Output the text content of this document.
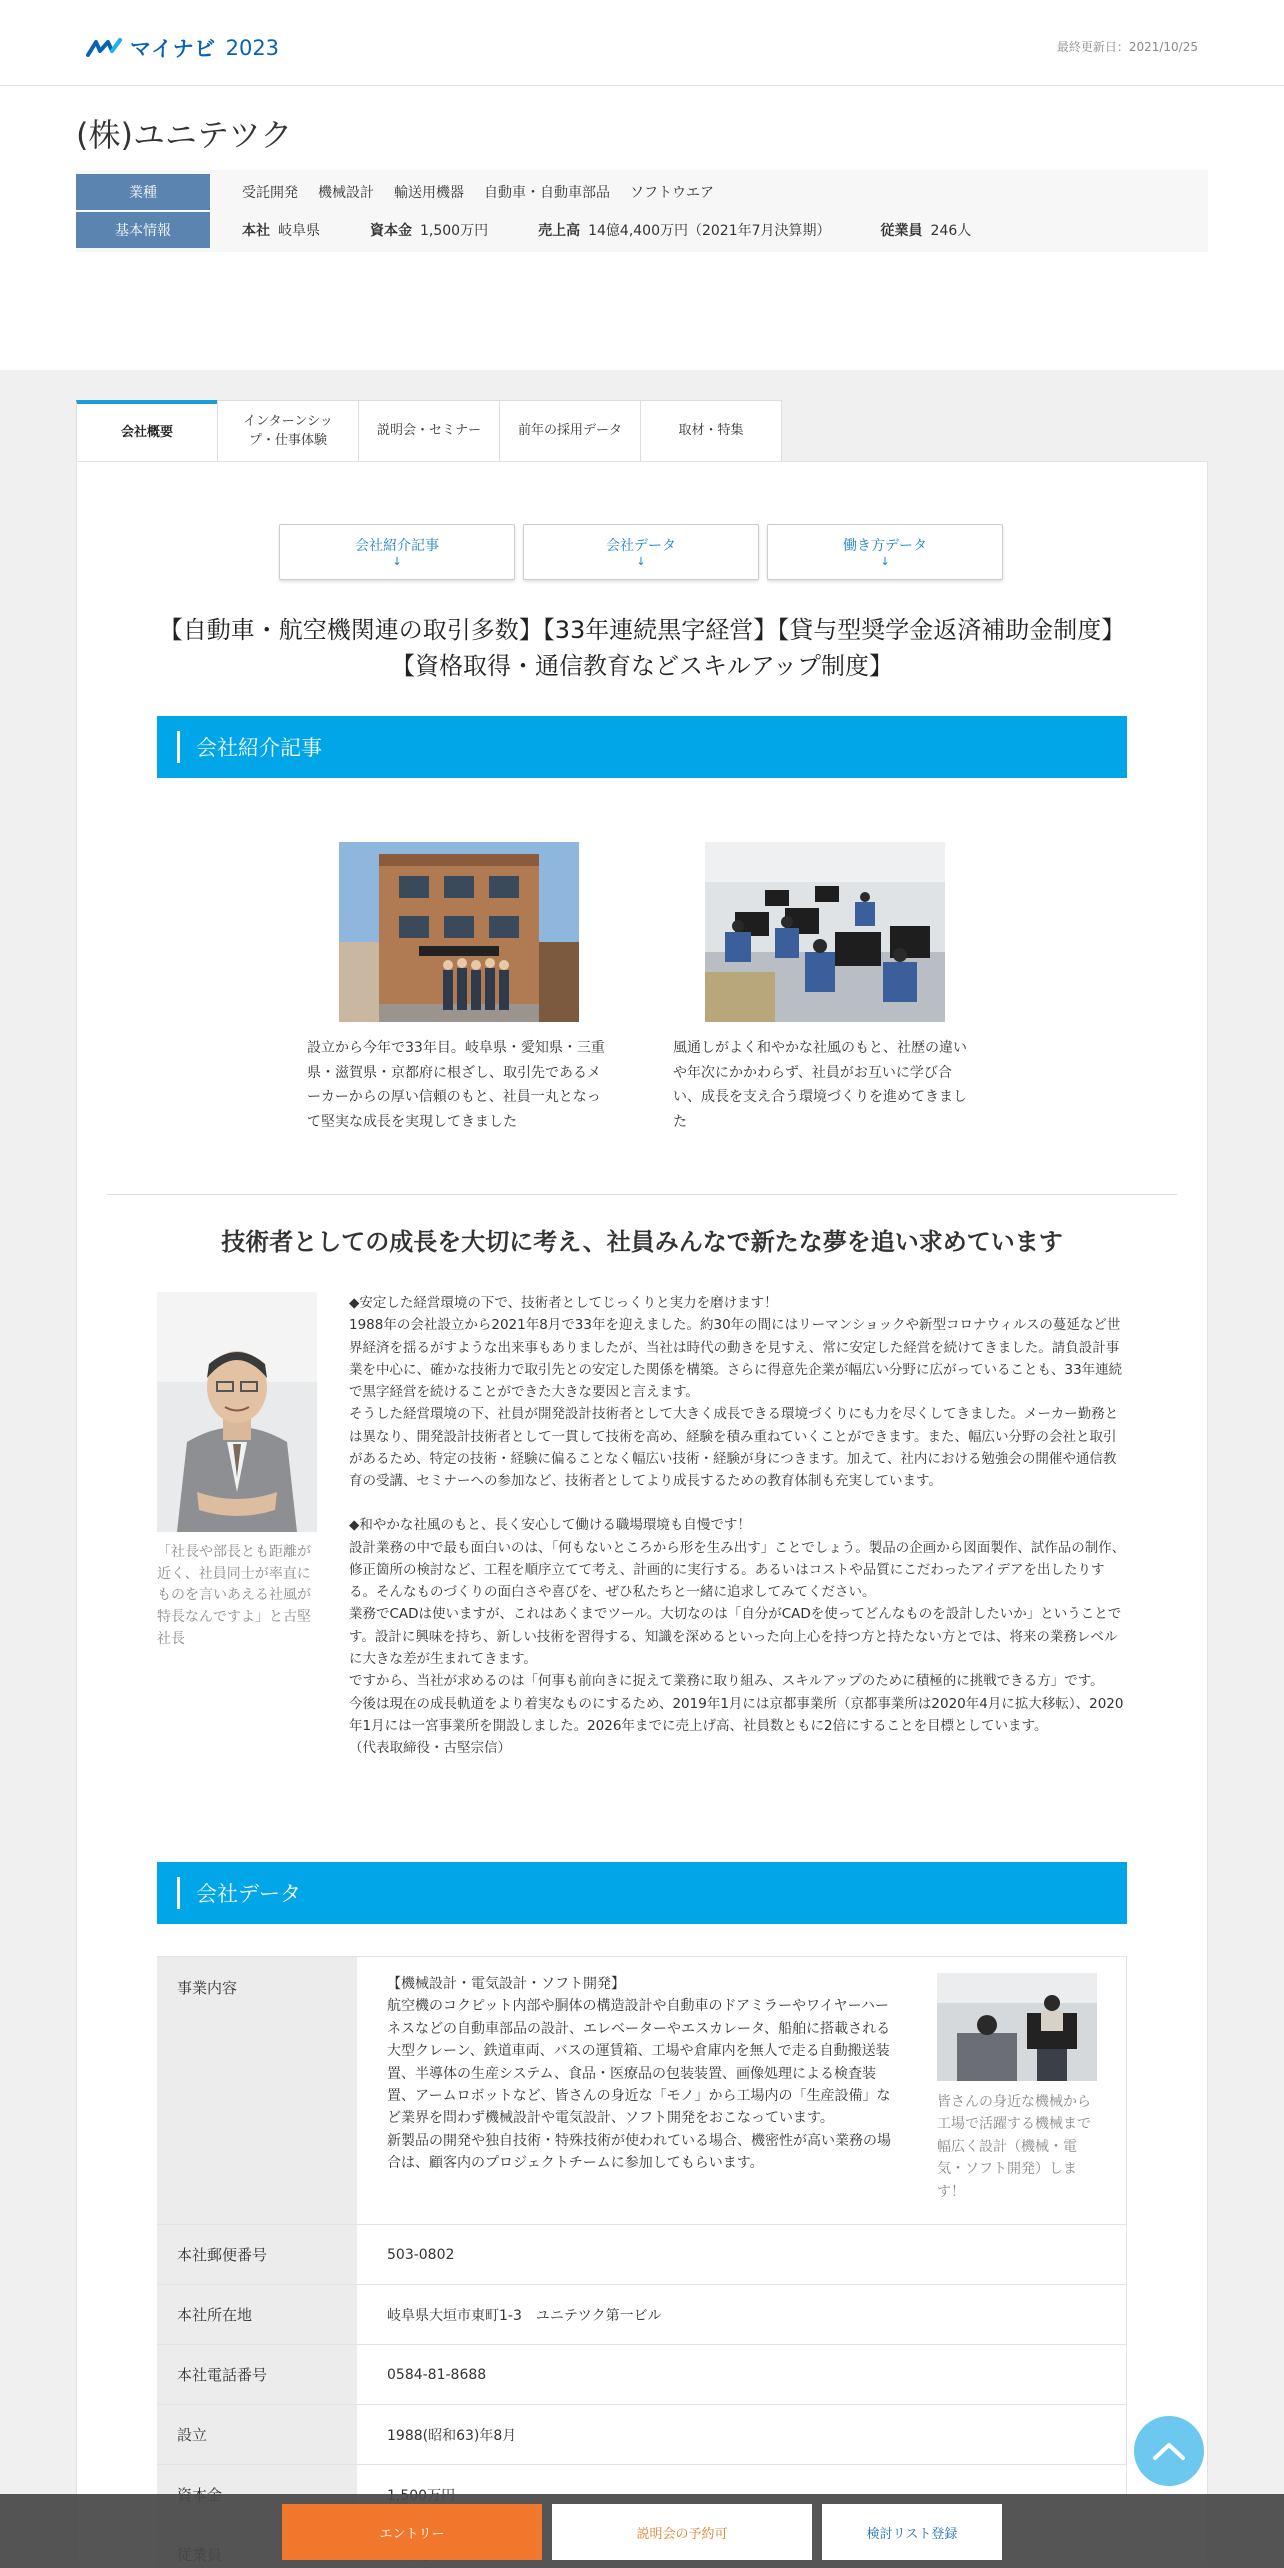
マイナビ 2023	最終更新日：2021/10/25
(株)ユニテツク
業種	受託開発 機械設計 輸送用機器 自動車・自動車部品 ソフトウエア
基本情報	本社 岐阜県	資本金 1,500万円	売上高 14億4,400万円（2021年7月決算期）	従業員 246人
会社概要
インターンシップ・仕事体験
説明会・セミナー	前年の採用データ	取材・特集
会社紹介記事
↓
会社データ
↓
働き方データ
↓
【自動車・航空機関連の取引多数】【33年連続黒字経営】【貸与型奨学金返済補助金制度】【資格取得・通信教育などスキルアップ制度】
会社紹介記事
設立から今年で33年目。岐阜県・愛知県・三重県・滋賀県・京都府に根ざし、取引先であるメーカーからの厚い信頼のもと、社員一丸となって堅実な成長を実現してきました
風通しがよく和やかな社風のもと、社歴の違いや年次にかかわらず、社員がお互いに学び合い、成長を支え合う環境づくりを進めてきました
技術者としての成長を大切に考え、社員みんなで新たな夢を追い求めています
「社長や部長とも距離が近く、社員同士が率直にものを言いあえる社風が特長なんですよ」と古堅社長

◆安定した経営環境の下で、技術者としてじっくりと実力を磨けます！

1988年の会社設立から2021年8月で33年を迎えました。約30年の間にはリーマンショックや新型コロナウィルスの蔓延など世界経済を揺るがすような出来事もありましたが、当社は時代の動きを見すえ、常に安定した経営を続けてきました。請負設計事業を中心に、確かな技術力で取引先との安定した関係を構築。さらに得意先企業が幅広い分野に広がっていることも、33年連続で黒字経営を続けることができた大きな要因と言えます。

そうした経営環境の下、社員が開発設計技術者として大きく成長できる環境づくりにも力を尽くしてきました。メーカー勤務とは異なり、開発設計技術者として一貫して技術を高め、経験を積み重ねていくことができます。また、幅広い分野の会社と取引があるため、特定の技術・経験に偏ることなく幅広い技術・経験が身につきます。加えて、社内における勉強会の開催や通信教育の受講、セミナーへの参加など、技術者としてより成長するための教育体制も充実しています。

◆和やかな社風のもと、長く安心して働ける職場環境も自慢です！

設計業務の中で最も面白いのは、「何もないところから形を生み出す」ことでしょう。製品の企画から図面製作、試作品の制作、修正箇所の検討など、工程を順序立てて考え、計画的に実行する。あるいはコストや品質にこだわったアイデアを出したりする。そんなものづくりの面白さや喜びを、ぜひ私たちと一緒に追求してみてください。

業務でCADは使いますが、これはあくまでツール。大切なのは「自分がCADを使ってどんなものを設計したいか」ということです。設計に興味を持ち、新しい技術を習得する、知識を深めるといった向上心を持つ方と持たない方とでは、将来の業務レベルに大きな差が生まれてきます。

ですから、当社が求めるのは「何事も前向きに捉えて業務に取り組み、スキルアップのために積極的に挑戦できる方」です。

今後は現在の成長軌道をより着実なものにするため、2019年1月には京都事業所（京都事業所は2020年4月に拡大移転）、2020年1月には一宮事業所を開設しました。2026年までに売上げ高、社員数ともに2倍にすることを目標としています。

（代表取締役・古堅宗信）

会社データ
事業内容	【機械設計・電気設計・ソフト開発】
航空機のコクピット内部や胴体の構造設計や自動車のドアミラーやワイヤーハーネスなどの自動車部品の設計、エレベーターやエスカレータ、船舶に搭載される大型クレーン、鉄道車両、バスの運賃箱、工場や倉庫内を無人で走る自動搬送装置、半導体の生産システム、食品・医療品の包装装置、画像処理による検査装置、アームロボットなど、皆さんの身近な「モノ」から工場内の「生産設備」など業界を問わず機械設計や電気設計、ソフト開発をおこなっています。
新製品の開発や独自技術・特殊技術が使われている場合、機密性が高い業務の場合は、顧客内のプロジェクトチームに参加してもらいます。
皆さんの身近な機械から工場で活躍する機械まで幅広く設計（機械・電気・ソフト開発）します！
本社郵便番号	503-0802
本社所在地	岐阜県大垣市東町1-3　ユニテツク第一ビル
本社電話番号	0584-81-8688
設立	1988(昭和63)年8月
エントリー	説明会の予約可	検討リスト登録
